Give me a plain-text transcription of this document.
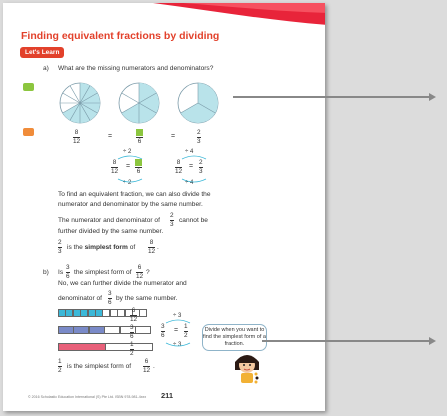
Finding equivalent fractions by dividing
Let's Learn
a) What are the missing numerators and denominators?
8
12
=
6
=
2
3
÷ 2
8
12
=
6
÷ 2
÷ 4
8
12
=
2
3
÷ 4
To find an equivalent fraction, we can also divide the
numerator and denominator by the same number.
The numerator and denominator of
2
3
cannot be
further divided by the same number.
2
3
is the simplest form of
8
12
.
b) Is
3
6
the simplest form of
6
12
?
No, we can further divide the numerator and
denominator of
3
6
by the same number.
6
12
3
6
1
2
÷ 3
3
6
=
1
2
÷ 3
1
2
is the simplest form of
6
12
.
Divide when you want to find the simplest form of a fraction.
© 2016 Scholastic Education International (S) Pte Ltd. ISBN 978-981-4xxx 211
